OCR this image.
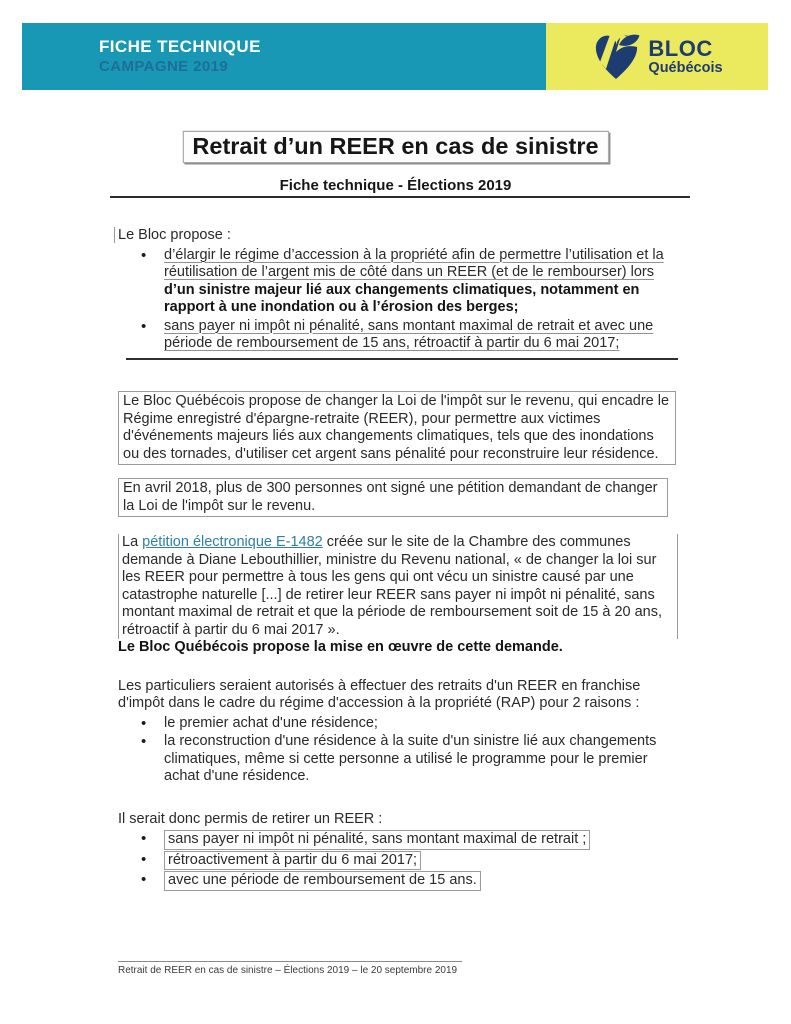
FICHE TECHNIQUE
CAMPAGNE 2019
BLOC
Québécois
Retrait d’un REER en cas de sinistre
Fiche technique - Élections 2019

Le Bloc propose :

• d’élargir le régime d’accession à la propriété afin de permettre l’utilisation et la réutilisation de l’argent mis de côté dans un REER (et de le rembourser) lors d’un sinistre majeur lié aux changements climatiques, notamment en rapport à une inondation ou à l’érosion des berges;
• sans payer ni impôt ni pénalité, sans montant maximal de retrait et avec une période de remboursement de 15 ans, rétroactif à partir du 6 mai 2017;

Le Bloc Québécois propose de changer la Loi de l'impôt sur le revenu, qui encadre le Régime enregistré d'épargne-retraite (REER), pour permettre aux victimes d'événements majeurs liés aux changements climatiques, tels que des inondations ou des tornades, d'utiliser cet argent sans pénalité pour reconstruire leur résidence.

En avril 2018, plus de 300 personnes ont signé une pétition demandant de changer la Loi de l'impôt sur le revenu.

La pétition électronique E-1482 créée sur le site de la Chambre des communes demande à Diane Lebouthillier, ministre du Revenu national, « de changer la loi sur les REER pour permettre à tous les gens qui ont vécu un sinistre causé par une catastrophe naturelle [...] de retirer leur REER sans payer ni impôt ni pénalité, sans montant maximal de retrait et que la période de remboursement soit de 15 à 20 ans, rétroactif à partir du 6 mai 2017 ».

Le Bloc Québécois propose la mise en œuvre de cette demande.

Les particuliers seraient autorisés à effectuer des retraits d'un REER en franchise d'impôt dans le cadre du régime d'accession à la propriété (RAP) pour 2 raisons :

• le premier achat d'une résidence;
• la reconstruction d'une résidence à la suite d'un sinistre lié aux changements climatiques, même si cette personne a utilisé le programme pour le premier achat d'une résidence.

Il serait donc permis de retirer un REER :

• sans payer ni impôt ni pénalité, sans montant maximal de retrait ;
• rétroactivement à partir du 6 mai 2017;
• avec une période de remboursement de 15 ans.
Retrait de REER en cas de sinistre – Élections 2019 – le 20 septembre 2019
